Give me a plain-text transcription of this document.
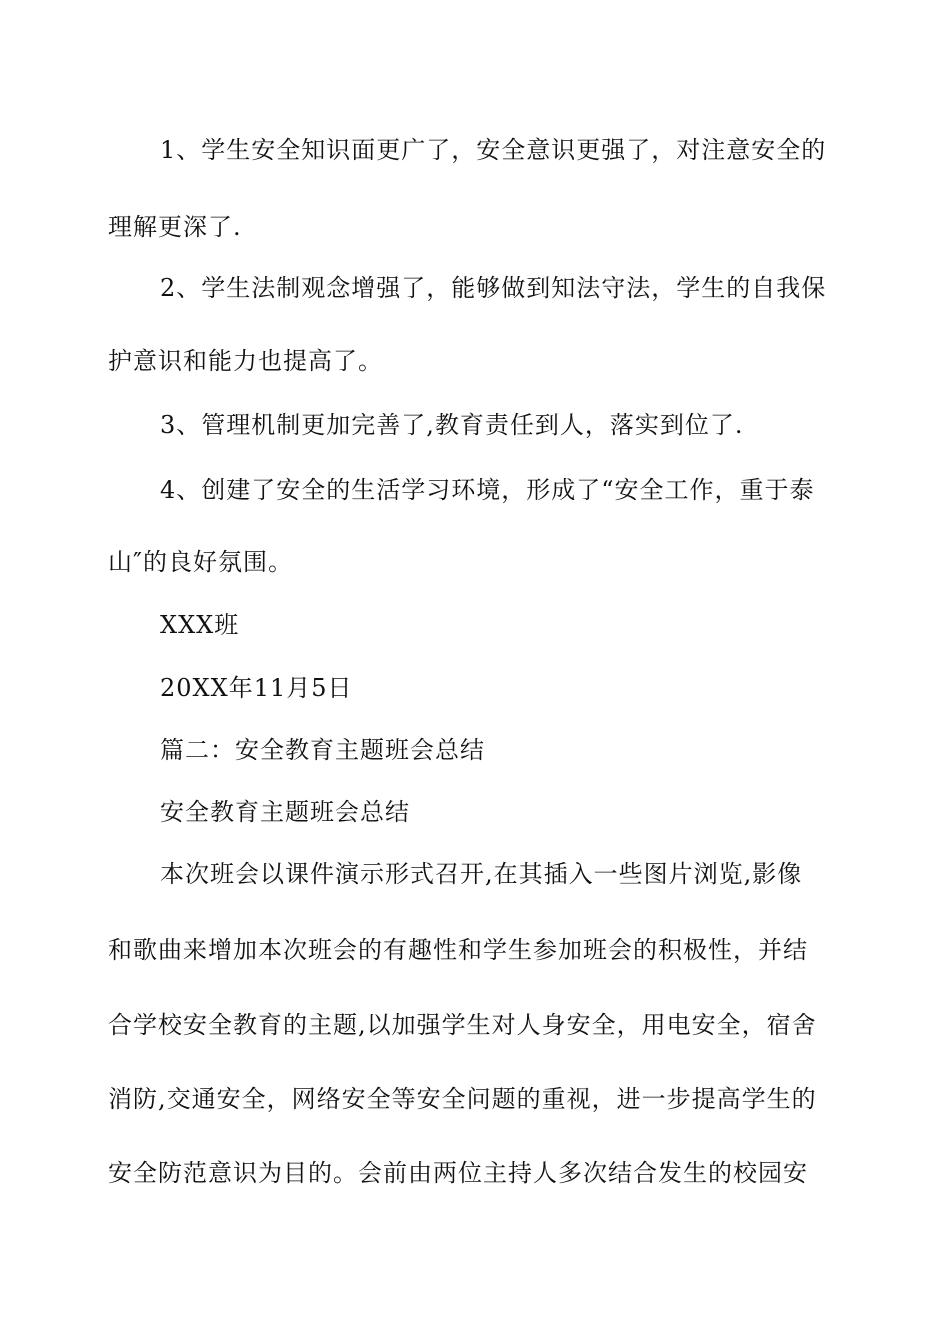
1、学生安全知识面更广了，安全意识更强了，对注意安全的
理解更深了.
2、学生法制观念增强了，能够做到知法守法，学生的自我保
护意识和能力也提高了。
3、管理机制更加完善了,教育责任到人，落实到位了.
4、创建了安全的生活学习环境，形成了“安全工作，重于泰
山″的良好氛围。
XXX班
20XX年11月5日
篇二：安全教育主题班会总结
安全教育主题班会总结
本次班会以课件演示形式召开,在其插入一些图片浏览,影像
和歌曲来增加本次班会的有趣性和学生参加班会的积极性，并结
合学校安全教育的主题,以加强学生对人身安全，用电安全，宿舍
消防,交通安全，网络安全等安全问题的重视，进一步提高学生的
安全防范意识为目的。会前由两位主持人多次结合发生的校园安
